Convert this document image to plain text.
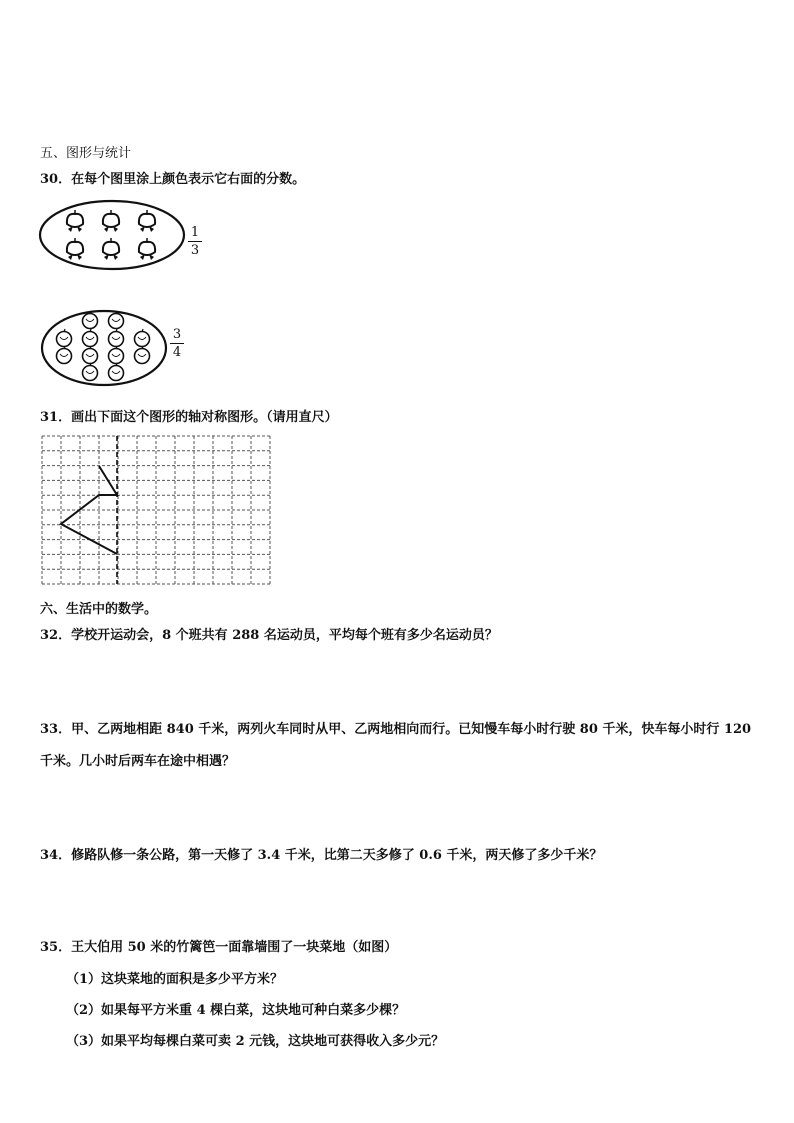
五、图形与统计
30．在每个图里涂上颜色表示它右面的分数。
1
3
3
4
31．画出下面这个图形的轴对称图形。（请用直尺）
六、生活中的数学。
32．学校开运动会，8 个班共有 288 名运动员，平均每个班有多少名运动员？
33．甲、乙两地相距 840 千米，两列火车同时从甲、乙两地相向而行。已知慢车每小时行驶 80 千米，快车每小时行 120
千米。几小时后两车在途中相遇？
34．修路队修一条公路，第一天修了 3.4 千米，比第二天多修了 0.6 千米，两天修了多少千米？
35．王大伯用 50 米的竹篱笆一面靠墙围了一块菜地（如图）
（1）这块菜地的面积是多少平方米？
（2）如果每平方米重 4 棵白菜，这块地可种白菜多少棵？
（3）如果平均每棵白菜可卖 2 元钱，这块地可获得收入多少元？
